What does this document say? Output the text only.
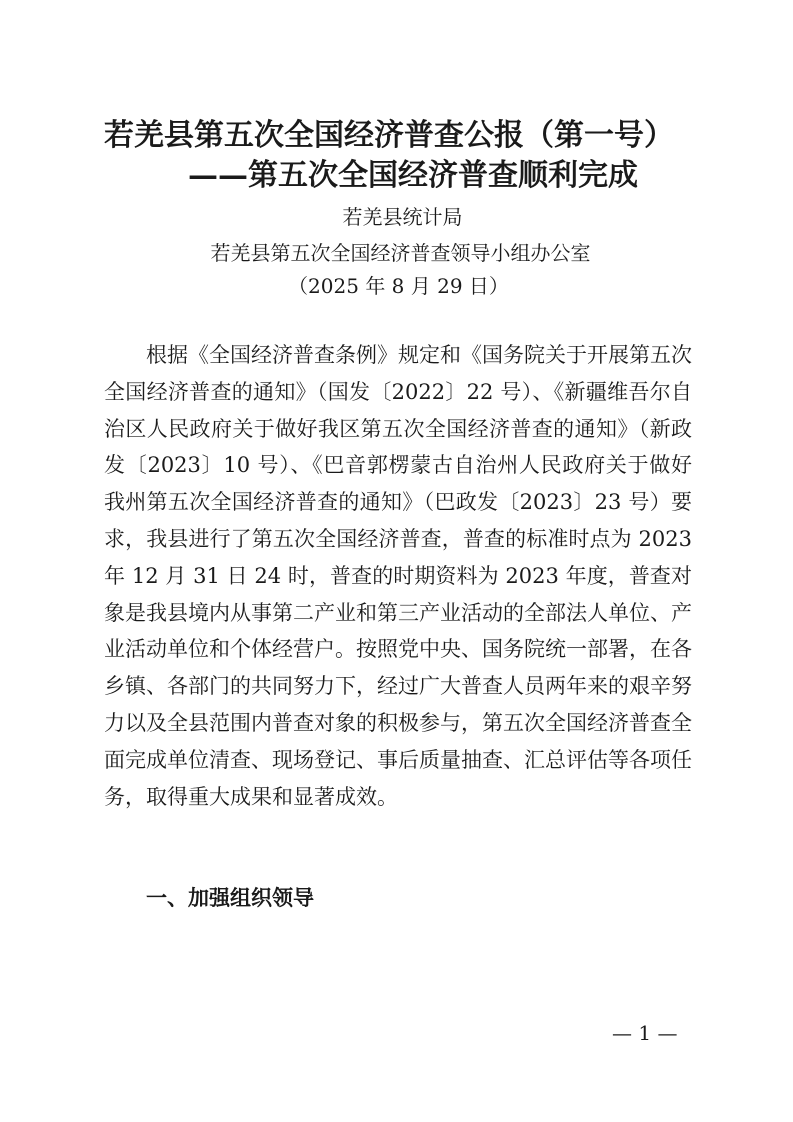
若羌县第五次全国经济普查公报（第一号）
——第五次全国经济普查顺利完成
若羌县统计局
若羌县第五次全国经济普查领导小组办公室
（2025 年 8 月 29 日）

根据《全国经济普查条例》规定和《国务院关于开展第五次全国经济普查的通知》（国发〔2022〕22 号）、《新疆维吾尔自治区人民政府关于做好我区第五次全国经济普查的通知》（新政发〔2023〕10 号）、《巴音郭楞蒙古自治州人民政府关于做好我州第五次全国经济普查的通知》（巴政发〔2023〕23 号）要求，我县进行了第五次全国经济普查，普查的标准时点为 2023 年 12 月 31 日 24 时，普查的时期资料为 2023 年度，普查对象是我县境内从事第二产业和第三产业活动的全部法人单位、产业活动单位和个体经营户。按照党中央、国务院统一部署，在各乡镇、各部门的共同努力下，经过广大普查人员两年来的艰辛努力以及全县范围内普查对象的积极参与，第五次全国经济普查全面完成单位清查、现场登记、事后质量抽查、汇总评估等各项任务，取得重大成果和显著成效。

一、加强组织领导
— 1 —
